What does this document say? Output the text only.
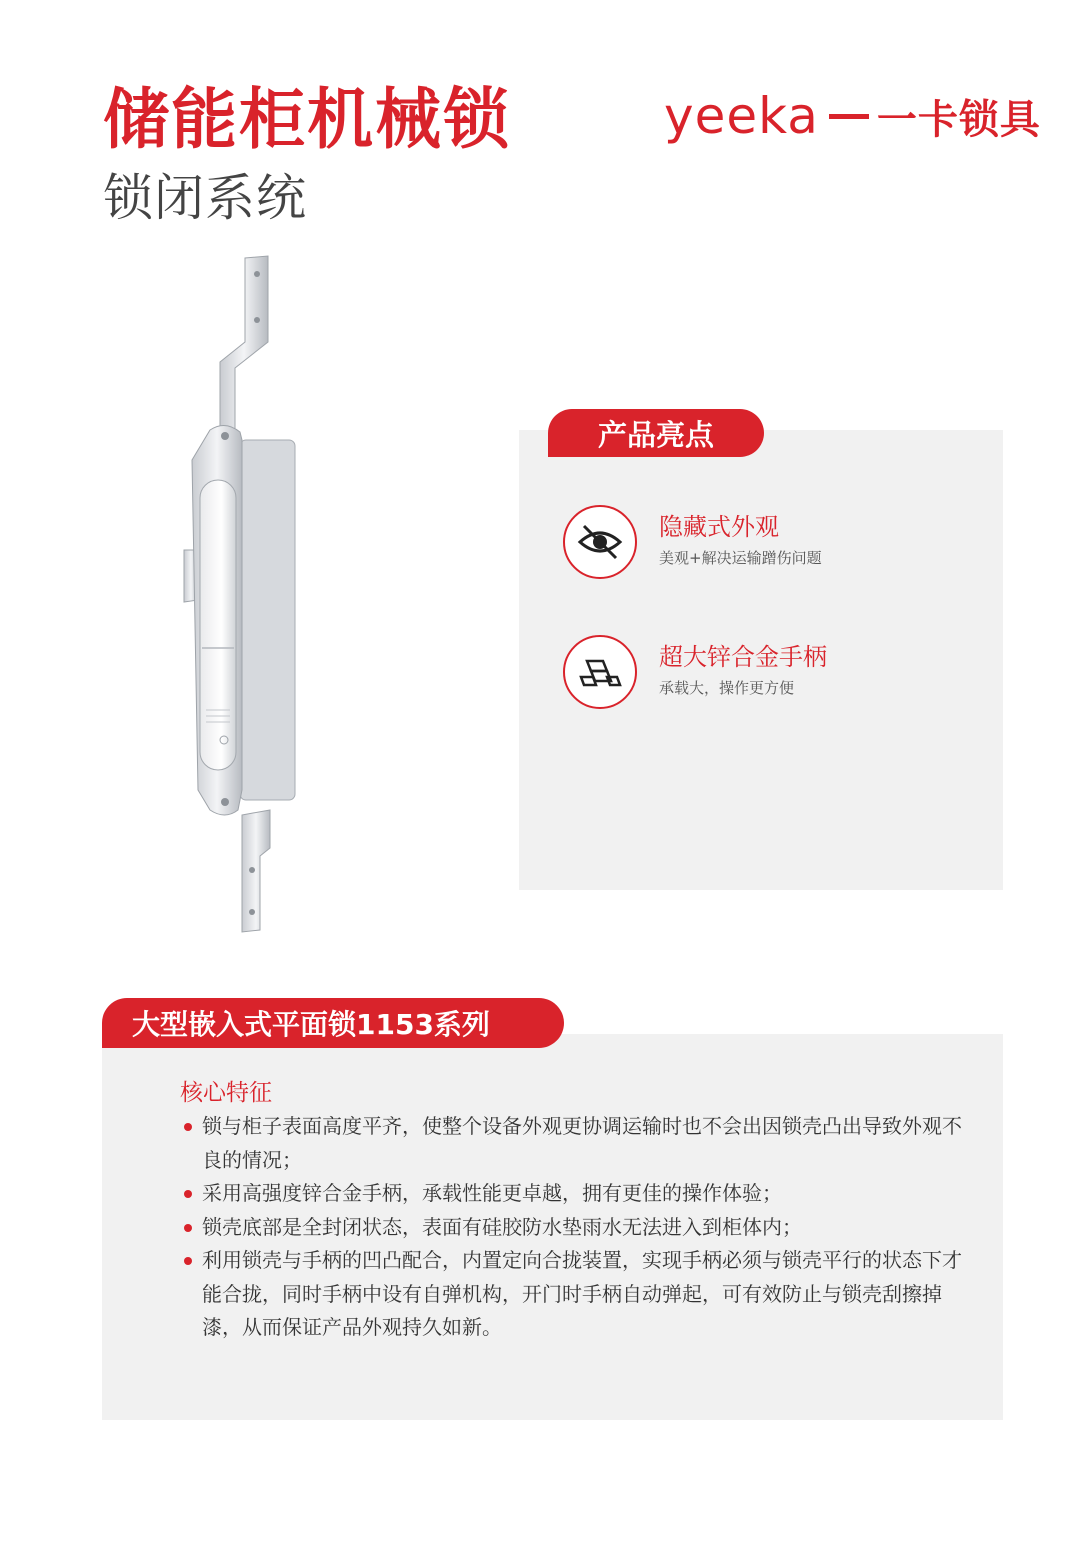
储能柜机械锁
锁闭系统
yeeka 一卡锁具
产品亮点
隐藏式外观
美观+解决运输蹭伤问题
超大锌合金手柄
承载大，操作更方便
大型嵌入式平面锁1153系列
核心特征
锁与柜子表面高度平齐，使整个设备外观更协调运输时也不会出因锁壳凸出导致外观不良的情况；
采用高强度锌合金手柄，承载性能更卓越，拥有更佳的操作体验；
锁壳底部是全封闭状态，表面有硅胶防水垫雨水无法进入到柜体内；
利用锁壳与手柄的凹凸配合，内置定向合拢装置，实现手柄必须与锁壳平行的状态下才能合拢，同时手柄中设有自弹机构，开门时手柄自动弹起，可有效防止与锁壳刮擦掉漆，从而保证产品外观持久如新。
